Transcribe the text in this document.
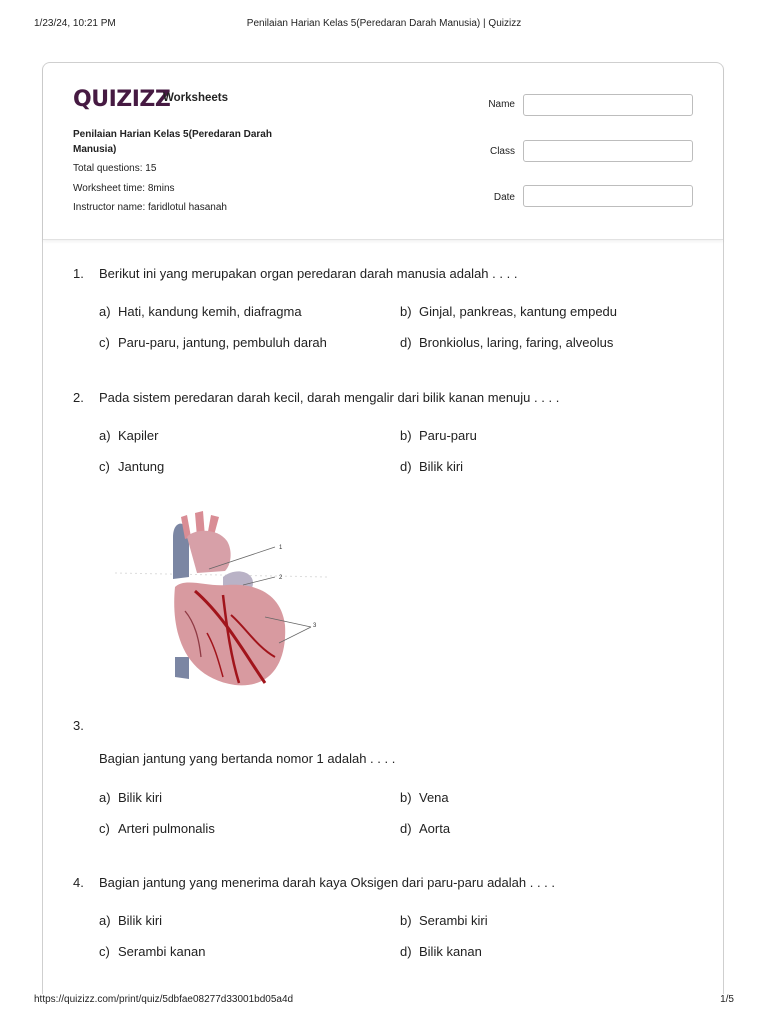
1/23/24, 10:21 PM	Penilaian Harian Kelas 5(Peredaran Darah Manusia) | Quizizz
QUIZIZZ
Worksheets
Penilaian Harian Kelas 5(Peredaran Darah Manusia)
Total questions: 15
Worksheet time: 8mins
Instructor name: faridlotul hasanah
Name
Class
Date
1. Berikut ini yang merupakan organ peredaran darah manusia adalah . . . .
a) Hati, kandung kemih, diafragma	b) Ginjal, pankreas, kantung empedu
c) Paru-paru, jantung, pembuluh darah	d) Bronkiolus, laring, faring, alveolus
2. Pada sistem peredaran darah kecil, darah mengalir dari bilik kanan menuju . . . .
a) Kapiler	b) Paru-paru
c) Jantung	d) Bilik kiri
1
2
3
3.
Bagian jantung yang bertanda nomor 1 adalah . . . .
a) Bilik kiri	b) Vena
c) Arteri pulmonalis	d) Aorta
4. Bagian jantung yang menerima darah kaya Oksigen dari paru-paru adalah . . . .
a) Bilik kiri	b) Serambi kiri
c) Serambi kanan	d) Bilik kanan
https://quizizz.com/print/quiz/5dbfae08277d33001bd05a4d	1/5
